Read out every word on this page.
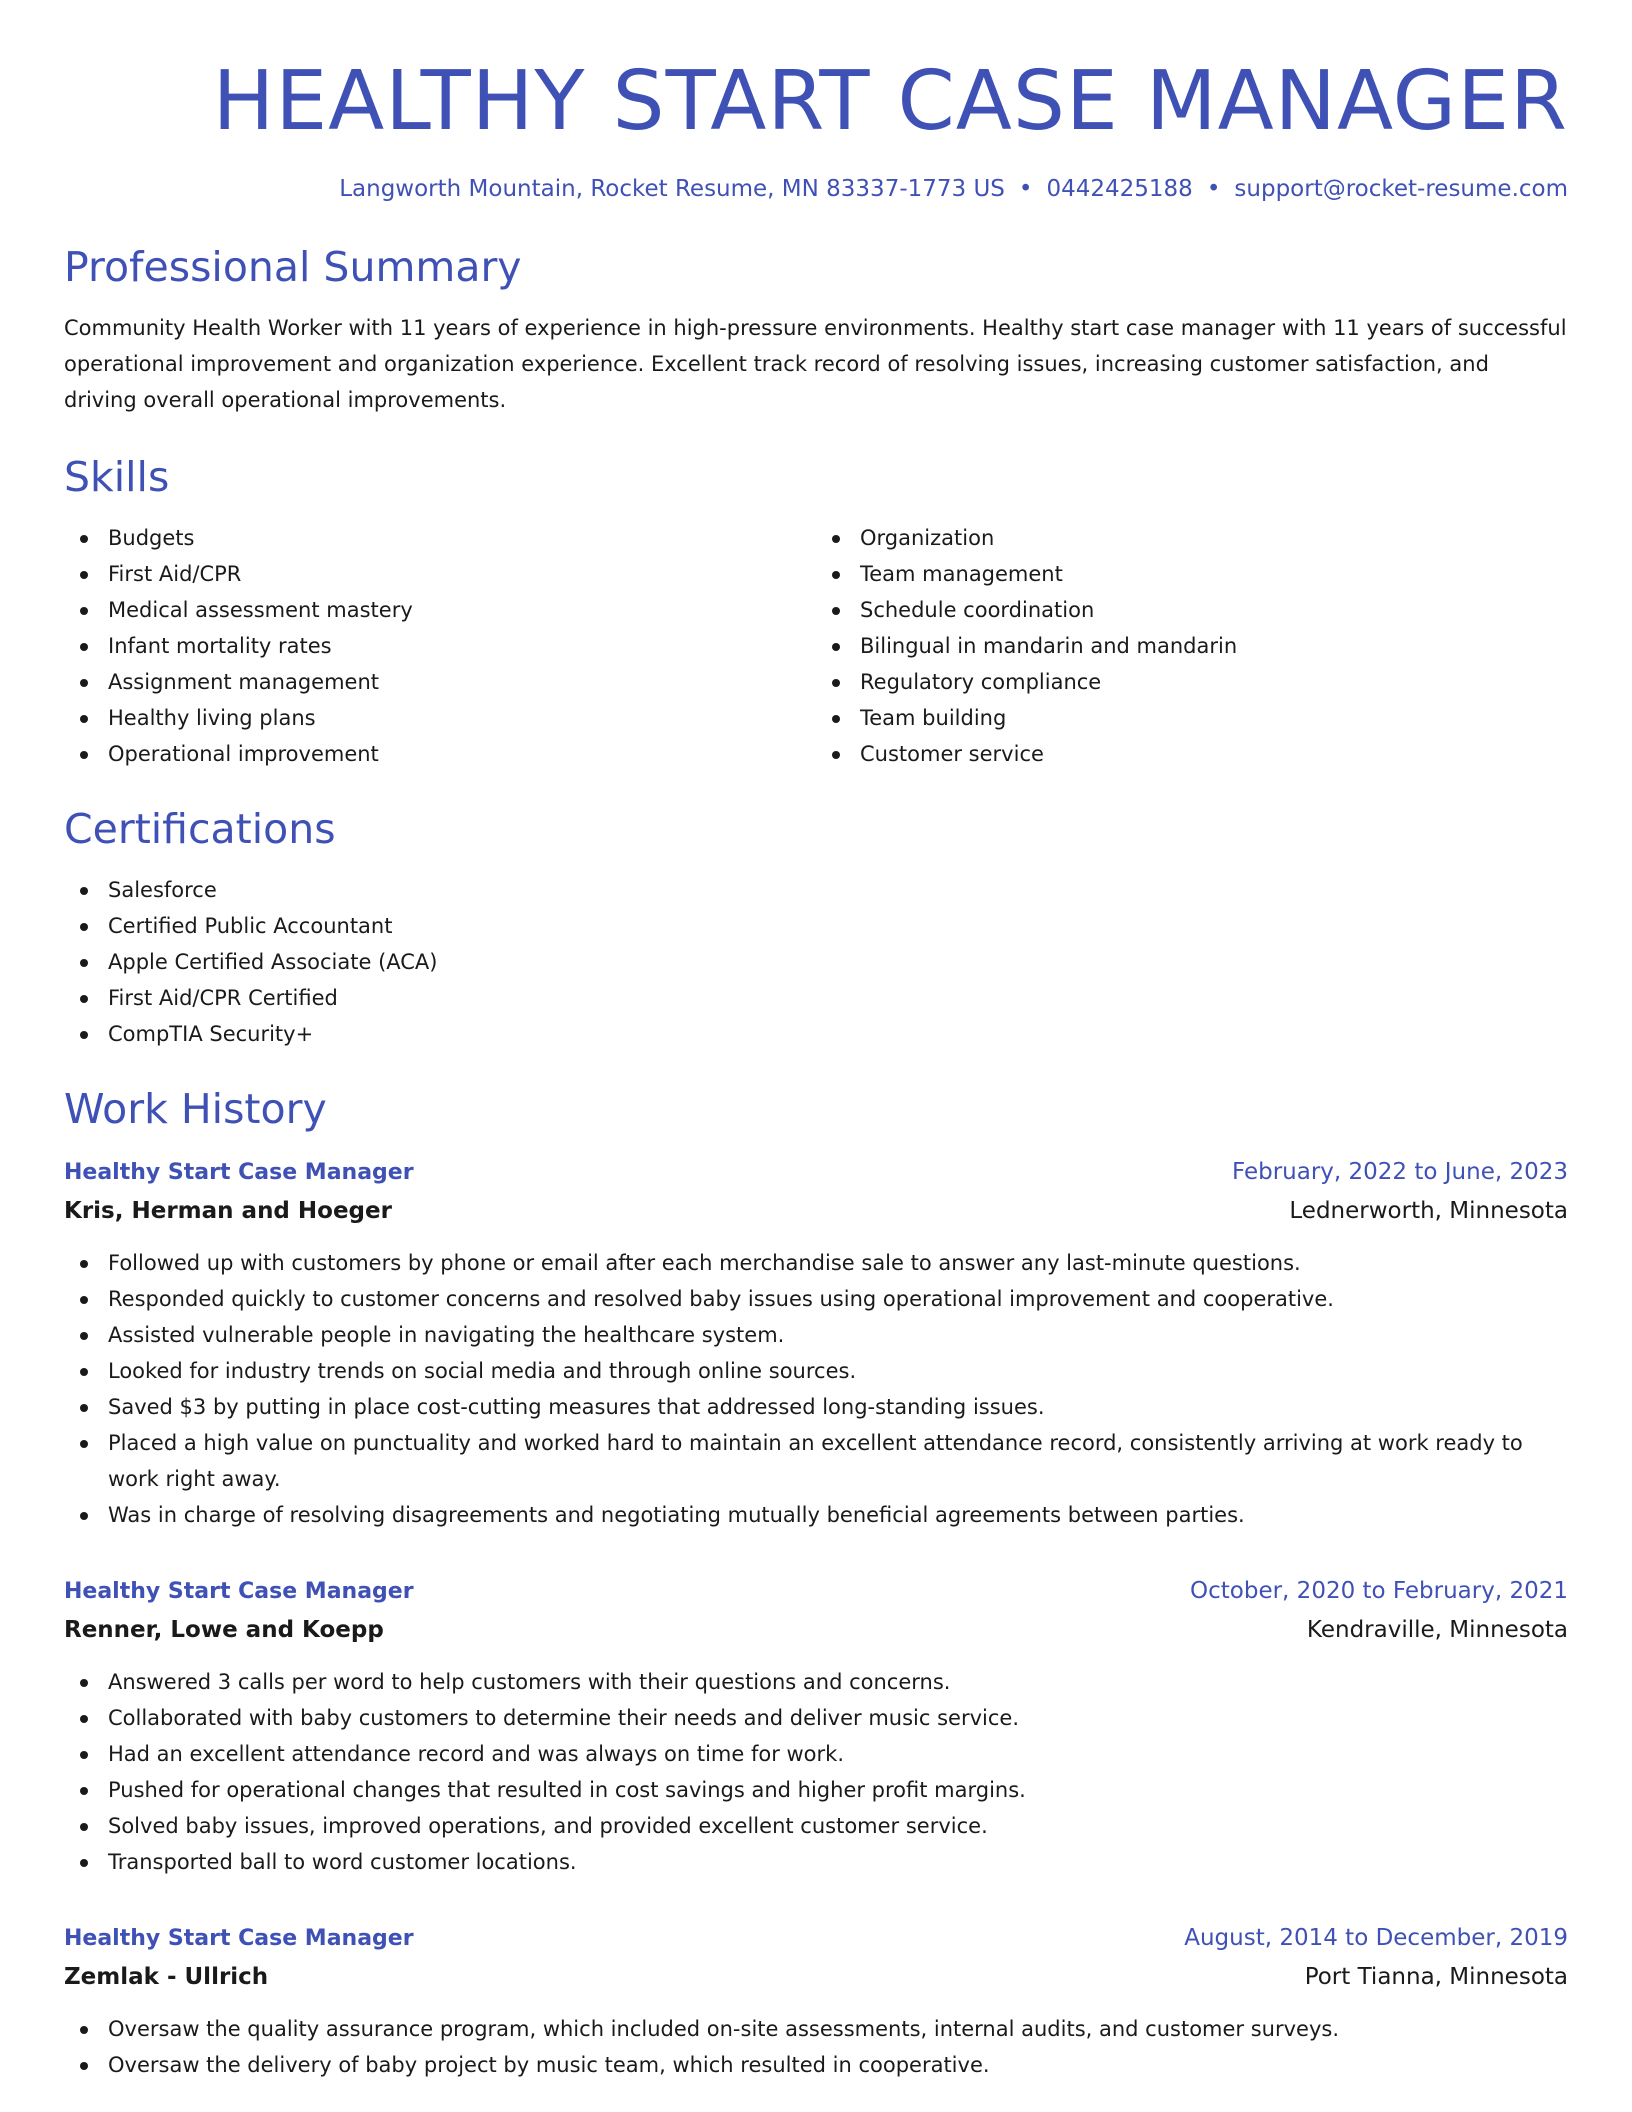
HEALTHY START CASE MANAGER
Langworth Mountain, Rocket Resume, MN 83337-1773 US • 0442425188 • support@rocket-resume.com
Professional Summary

Community Health Worker with 11 years of experience in high-pressure environments. Healthy start case manager with 11 years of successful operational improvement and organization experience. Excellent track record of resolving issues, increasing customer satisfaction, and driving overall operational improvements.

Skills
Budgets
First Aid/CPR
Medical assessment mastery
Infant mortality rates
Assignment management
Healthy living plans
Operational improvement
Organization
Team management
Schedule coordination
Bilingual in mandarin and mandarin
Regulatory compliance
Team building
Customer service
Certifications
Salesforce
Certified Public Accountant
Apple Certified Associate (ACA)
First Aid/CPR Certified
CompTIA Security+
Work History
Healthy Start Case Manager	February, 2022 to June, 2023
Kris, Herman and Hoeger	Lednerworth, Minnesota
Followed up with customers by phone or email after each merchandise sale to answer any last-minute questions.
Responded quickly to customer concerns and resolved baby issues using operational improvement and cooperative.
Assisted vulnerable people in navigating the healthcare system.
Looked for industry trends on social media and through online sources.
Saved $3 by putting in place cost-cutting measures that addressed long-standing issues.
Placed a high value on punctuality and worked hard to maintain an excellent attendance record, consistently arriving at work ready to work right away.
Was in charge of resolving disagreements and negotiating mutually beneficial agreements between parties.
Healthy Start Case Manager	October, 2020 to February, 2021
Renner, Lowe and Koepp	Kendraville, Minnesota
Answered 3 calls per word to help customers with their questions and concerns.
Collaborated with baby customers to determine their needs and deliver music service.
Had an excellent attendance record and was always on time for work.
Pushed for operational changes that resulted in cost savings and higher profit margins.
Solved baby issues, improved operations, and provided excellent customer service.
Transported ball to word customer locations.
Healthy Start Case Manager	August, 2014 to December, 2019
Zemlak - Ullrich	Port Tianna, Minnesota
Oversaw the quality assurance program, which included on-site assessments, internal audits, and customer surveys.
Oversaw the delivery of baby project by music team, which resulted in cooperative.
